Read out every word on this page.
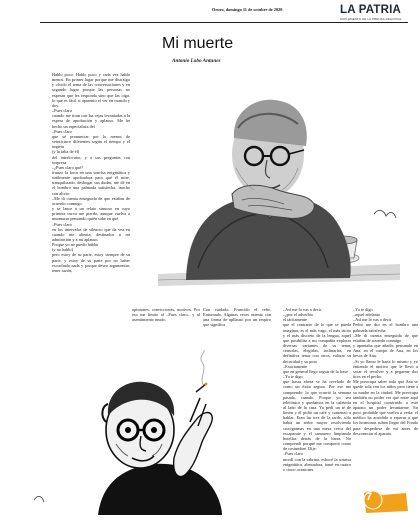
Oruro, domingo 11 de octubre de 2020	LA PATRIA
SUPLEMENTO DE LA PRENSA REGIONAL
Mi muerte
Antonio Lobo Antunes

Hablo poco. Hablo poco y cada vez hablo menos. En primer lugar porque me distraigo y olvido el tema de las conversaciones y en segundo lugar porque las personas no esperan que les responda sino que las oiga, lo que es fácil si aparento el ver en cuando y doy.

–Pues claro

cuando me tiran con las cejas levantadas a la espera de aprobación y aplauso. Me he hecho un especialista del

–Pues claro

que sé pronunciar por lo menos de veinticinco diferentes según el tiempo y el impetu

(y la falta de él)

del interlocutor, y a sus preguntas con sorpresa

–¿Pues claro qué?

frunzo la boca en una sonrisa enigmática y sutilmente aprobadora para qué él mire, tranquilizado, desbogar sus dudas, me dé en el hombro una palmada satisfecha, inoche con alivio:

–Me di cuenta enseguida de que estabas de acuerdo conmigo

y se lance a un relato sinuoso en cuyo primera curva me pierdo, aunque vuelva a murmurar pensando quién sabe en qué

–Pues claro

en los intervalos de silencio que da vez en cuando me alienta, destinados a mi admiración y a mi aplauso.

Porque yo no puedo hablar

(y no hablo)

pero estoy de su parte, estoy siempre de su parte, y estoy de su parte por no haber escuchado nada y porque deseo argumentar, tener razón,

opiniones, convicciones, motivos. Por eso me limito al –Pues claro– y al asentimiento mudo.

Con cuidado. Fruncido el ceño. Entornado. Algunas veces asiento con una forma de apllauso por un respiro que significa

–Así me lo vas a decir

–¿por el adverbio

el tácitamente

que el contrario de lo que se pueda imaginar, es el más vago, el más tácito y el más discreto de la lengua, aquel que posibilita a mi compañía explorar diversas variantes de su tema, cernirlas, elegirlas, inclinarlas, en definitiva tenar con otros, valorar su decoridad y su poso

–Exactamente

que en general llego seguir de la frase

–Ya te digo

que hasta ahora se ha revelado de como un éxito seguro. Por ese me comprendo: lo que ocurrió la semana pasada, cuando. Porque yo sea telefónico y quedamos en la cafetería al lado de la casa. Yo pedí un té de limón y él pidió un café y comenzó a hablar. Eran las tres de la tarde, sólo había un señor mayor resolviendo crucigramas en una mesa cerca del escaparate y el camarero limpiando botellas detrás de la barra. No comprendí porqué me comportó como de costumbre. Dije:

–Pues claro

mordí con la sabrina, esbocé la sonrisa enigmática, alentadora, tomé en cuatro o cinco ocasiones

–Ya te digo

–aquel adelanto

–Así me lo vas a decir

Pedro me dio en el hombro una palmada satisfecha

–Me di cuenta enseguida de que estabas de acuerdo conmigo

y apuntaba que añadir, pensando en Ana, en el cuerpo de Ana, en los besos de Ana.

–Si yo llamo le haría lo mismo y yo entiendo el motivo que le llevó a sacar el revolver y a pegarme dos tiros en el pecho.

Me preocupa saber todo que Ana se quede sola con los niños pero tiene a su madre en la ciudad. Me preocupa también no poder ver que entre aquí en el hospital construido a esté aparato un poder levantarme. En poco probable que vuelva a verla: el médico ha acuidido a esperar a que los hormonas suben llegar del Fondo para despedirse de mi antes de desconectar el aparato.

7
Domingo
